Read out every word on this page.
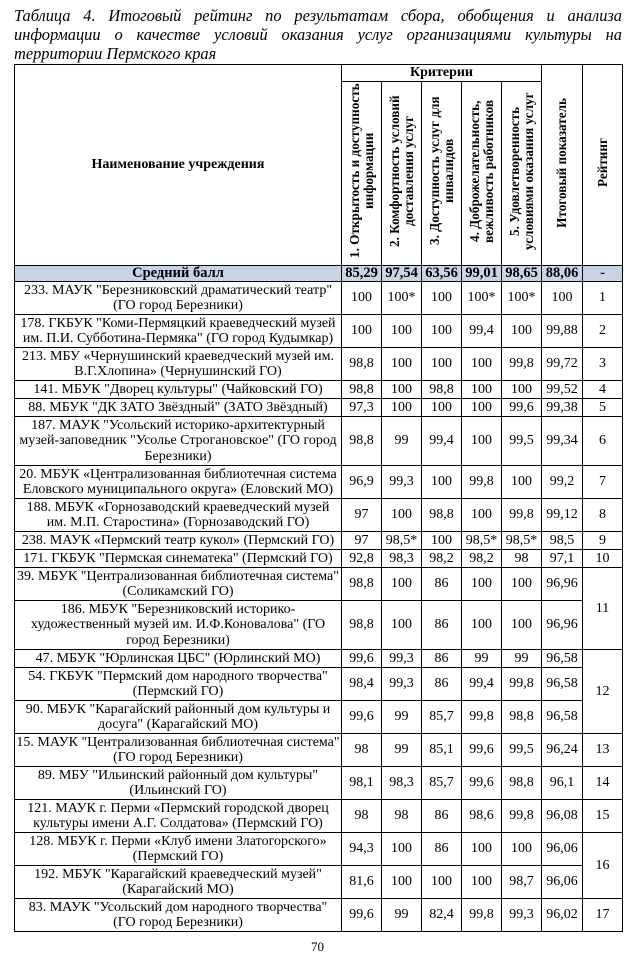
Таблица 4. Итоговый рейтинг по результатам сбора, обобщения и анализа информации о качестве условий оказания услуг организациями культуры на территории Пермского края
Наименование учреждения	Критерии					Итоговый показатель	Рейтинг
	1. Открытость и доступность информации	2. Комфортность условий доставления услуг	3. Доступность услуг для инвалидов	4. Доброжелательность, вежливость работников	5. Удовлетворенность условиями оказания услуг		
Средний балл	85,29	97,54	63,56	99,01	98,65	88,06	-
233. МАУК "Березниковский драматический театр" (ГО город Березники)	100	100*	100	100*	100*	100	1
178. ГКБУК "Коми-Пермяцкий краеведческий музей им. П.И. Субботина-Пермяка" (ГО город Кудымкар)	100	100	100	99,4	100	99,88	2
213. МБУ «Чернушинский краеведческий музей им. В.Г.Хлопина» (Чернушинский ГО)	98,8	100	100	100	99,8	99,72	3
141. МБУК "Дворец культуры" (Чайковский ГО)	98,8	100	98,8	100	100	99,52	4
88. МБУК "ДК ЗАТО Звёздный" (ЗАТО Звёздный)	97,3	100	100	100	99,6	99,38	5
187. МАУК "Усольский историко-архитектурный музей-заповедник "Усолье Строгановское" (ГО город Березники)	98,8	99	99,4	100	99,5	99,34	6
20. МБУК «Централизованная библиотечная система Еловского муниципального округа» (Еловский МО)	96,9	99,3	100	99,8	100	99,2	7
188. МБУК «Горнозаводский краеведческий музей им. М.П. Старостина» (Горнозаводский ГО)	97	100	98,8	100	99,8	99,12	8
238. МАУК «Пермский театр кукол» (Пермский ГО)	97	98,5*	100	98,5*	98,5*	98,5	9
171. ГКБУК "Пермская синематека" (Пермский ГО)	92,8	98,3	98,2	98,2	98	97,1	10
39. МБУК "Централизованная библиотечная система" (Соликамский ГО)	98,8	100	86	100	100	96,96	11
186. МБУК "Березниковский историко-художественный музей им. И.Ф.Коновалова" (ГО город Березники)	98,8	100	86	100	100	96,96	
47. МБУК "Юрлинская ЦБС" (Юрлинский МО)	99,6	99,3	86	99	99	96,58	12
54. ГКБУК "Пермский дом народного творчества" (Пермский ГО)	98,4	99,3	86	99,4	99,8	96,58	
90. МБУК "Карагайский районный дом культуры и досуга" (Карагайский МО)	99,6	99	85,7	99,8	98,8	96,58	
15. МАУК "Централизованная библиотечная система" (ГО город Березники)	98	99	85,1	99,6	99,5	96,24	13
89. МБУ "Ильинский районный дом культуры" (Ильинский ГО)	98,1	98,3	85,7	99,6	98,8	96,1	14
121. МАУК г. Перми «Пермский городской дворец культуры имени А.Г. Солдатова» (Пермский ГО)	98	98	86	98,6	99,8	96,08	15
128. МБУК г. Перми «Клуб имени Златогорского» (Пермский ГО)	94,3	100	86	100	100	96,06	16
192. МБУК "Карагайский краеведческий музей" (Карагайский МО)	81,6	100	100	100	98,7	96,06	
83. МАУК "Усольский дом народного творчества" (ГО город Березники)	99,6	99	82,4	99,8	99,3	96,02	17
70
